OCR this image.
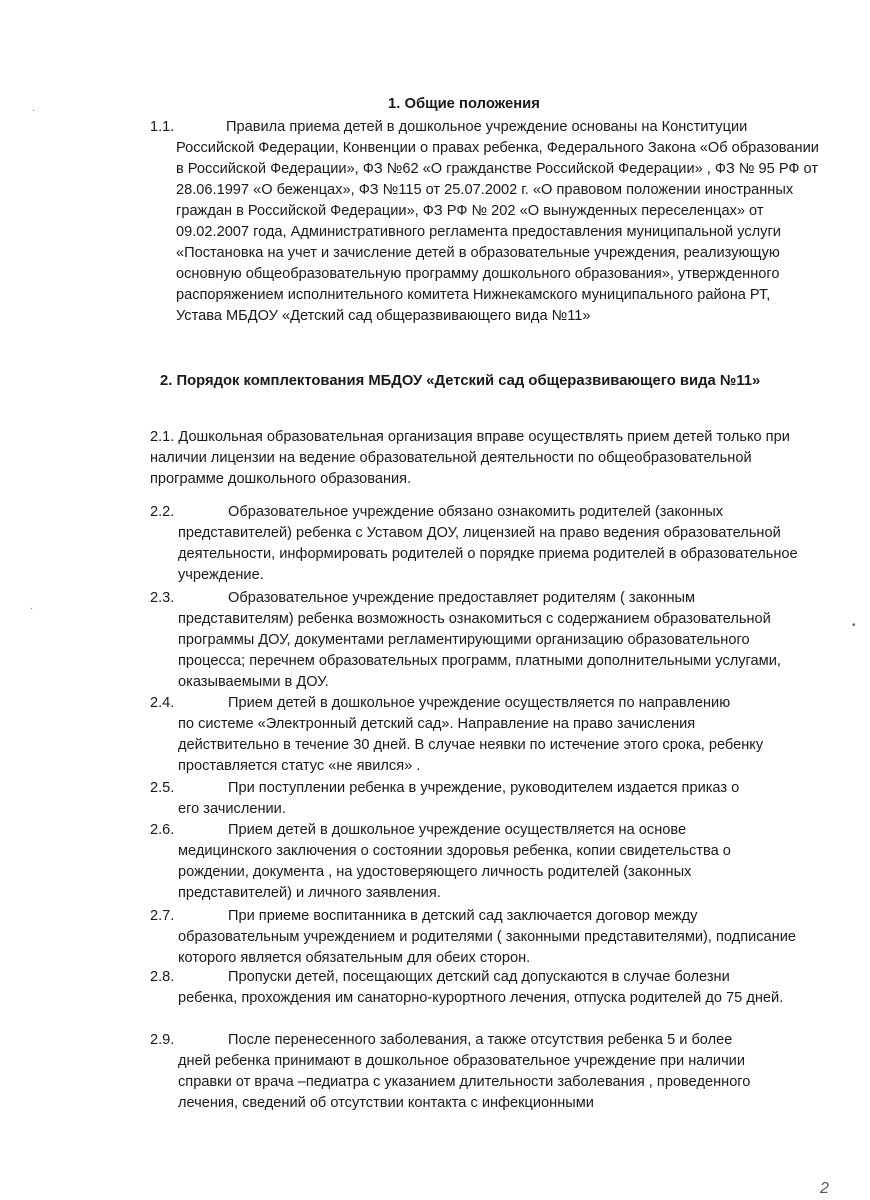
1. Общие положения
1.1.	Правила приема детей в дошкольное учреждение основаны на Конституции
Российской Федерации, Конвенции о правах ребенка, Федерального Закона «Об образовании в Российской Федерации», ФЗ №62 «О гражданстве Российской Федерации» , ФЗ № 95 РФ от 28.06.1997 «О беженцах», ФЗ №115 от 25.07.2002 г. «О правовом положении иностранных граждан в Российской Федерации», ФЗ РФ № 202 «О вынужденных переселенцах» от 09.02.2007 года, Административного регламента предоставления муниципальной услуги «Постановка на учет и зачисление детей в образовательные учреждения, реализующую основную общеобразовательную программу дошкольного образования», утвержденного распоряжением исполнительного комитета Нижнекамского муниципального района РТ, Устава МБДОУ «Детский сад общеразвивающего вида №11»
2. Порядок комплектования МБДОУ «Детский сад общеразвивающего вида №11»
2.1. Дошкольная образовательная организация вправе осуществлять прием детей только при наличии лицензии на ведение образовательной деятельности по общеобразовательной программе дошкольного образования.
2.2.	Образовательное учреждение обязано ознакомить родителей (законных
представителей) ребенка с Уставом ДОУ, лицензией на право ведения образовательной деятельности, информировать родителей о порядке приема родителей в образовательное учреждение.
2.3.	Образовательное учреждение предоставляет родителям ( законным
представителям) ребенка возможность ознакомиться с содержанием образовательной программы ДОУ, документами регламентирующими организацию образовательного процесса; перечнем образовательных программ, платными дополнительными услугами, оказываемыми в ДОУ.
2.4.	Прием детей в дошкольное учреждение осуществляется по направлению
по системе «Электронный детский сад». Направление на право зачисления действительно в течение 30 дней. В случае неявки по истечение этого срока, ребенку проставляется статус «не явился» .
2.5.	При поступлении ребенка в учреждение, руководителем издается приказ о
его зачислении.
2.6.	Прием детей в дошкольное учреждение осуществляется на основе
медицинского заключения о состоянии здоровья ребенка, копии свидетельства о рождении, документа , на удостоверяющего личность родителей (законных представителей) и личного заявления.
2.7.	При приеме воспитанника в детский сад заключается договор между
образовательным учреждением и родителями ( законными представителями), подписание которого является обязательным для обеих сторон.
2.8.	Пропуски детей, посещающих детский сад допускаются в случае болезни
ребенка, прохождения им санаторно-курортного лечения, отпуска родителей до 75 дней.
2.9.	После перенесенного заболевания, а также отсутствия ребенка 5 и более
дней ребенка принимают в дошкольное образовательное учреждение при наличии справки от врача –педиатра с указанием длительности заболевания , проведенного лечения, сведений об отсутствии контакта с инфекционными
·
·
•
2
